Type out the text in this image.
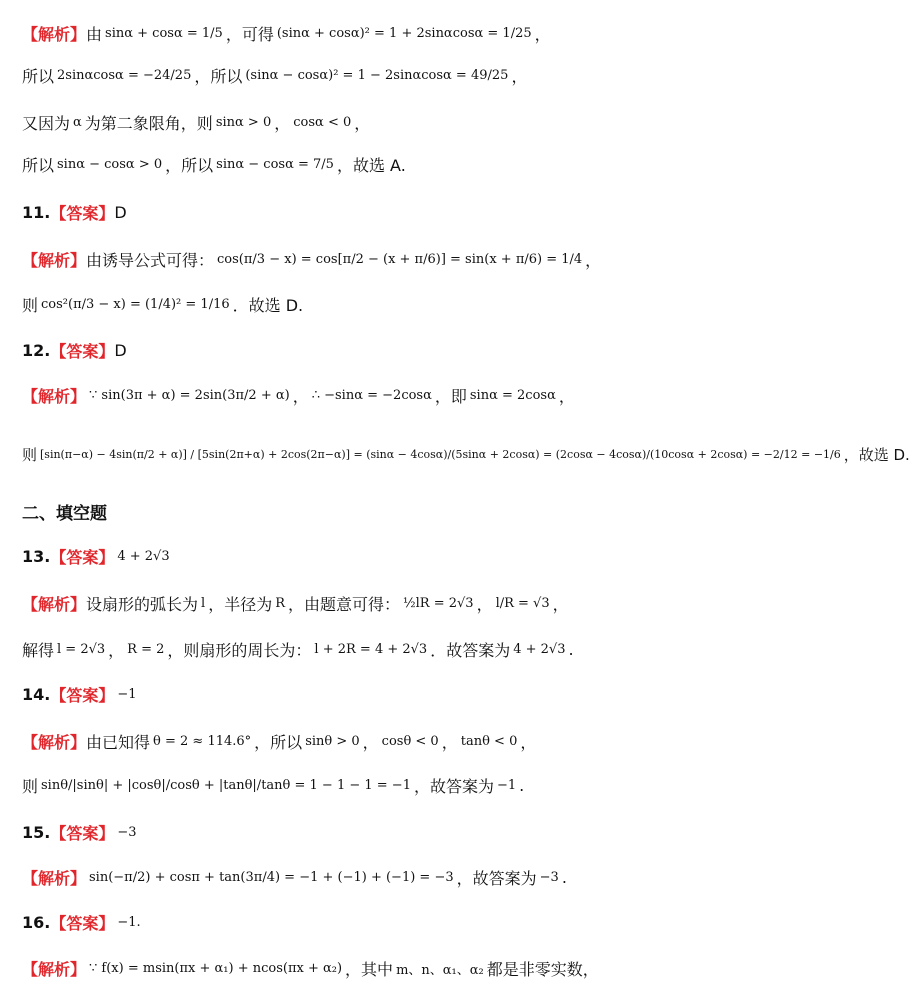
【解析】 由 sinα + cosα = 1/5 ，可得 (sinα + cosα)² = 1 + 2sinαcosα = 1/25 ，
所以 2sinαcosα = −24/25 ，所以 (sinα − cosα)² = 1 − 2sinαcosα = 49/25 ，
又因为 α 为第二象限角，则 sinα > 0 ， cosα < 0 ，
所以 sinα − cosα > 0 ，所以 sinα − cosα = 7/5 ，故选 A.
11. 【答案】 D
【解析】 由诱导公式可得： cos(π/3 − x) = cos[π/2 − (x + π/6)] = sin(x + π/6) = 1/4 ，
则 cos²(π/3 − x) = (1/4)² = 1/16 ．故选 D.
12. 【答案】 D
【解析】 ∵ sin(3π + α) = 2sin(3π/2 + α) ， ∴ −sinα = −2cosα ，即 sinα = 2cosα ，
则 [sin(π−α) − 4sin(π/2 + α)] / [5sin(2π+α) + 2cos(2π−α)] = (sinα − 4cosα)/(5sinα + 2cosα) = (2cosα − 4cosα)/(10cosα + 2cosα) = −2/12 = −1/6 ，故选 D.
二、填空题
13. 【答案】 4 + 2√3
【解析】 设扇形的弧长为 l ，半径为 R ，由题意可得： ½lR = 2√3 ， l/R = √3 ，
解得 l = 2√3 ， R = 2 ，则扇形的周长为： l + 2R = 4 + 2√3 ．故答案为 4 + 2√3 .
14. 【答案】 −1
【解析】 由已知得 θ = 2 ≈ 114.6° ，所以 sinθ > 0 ， cosθ < 0 ， tanθ < 0 ，
则 sinθ/|sinθ| + |cosθ|/cosθ + |tanθ|/tanθ = 1 − 1 − 1 = −1 ，故答案为 −1 .
15. 【答案】 −3
【解析】 sin(−π/2) + cosπ + tan(3π/4) = −1 + (−1) + (−1) = −3 ，故答案为 −3 .
16. 【答案】 −1.
【解析】 ∵ f(x) = msin(πx + α₁) + ncos(πx + α₂) ，其中 m、n、α₁、α₂ 都是非零实数，
